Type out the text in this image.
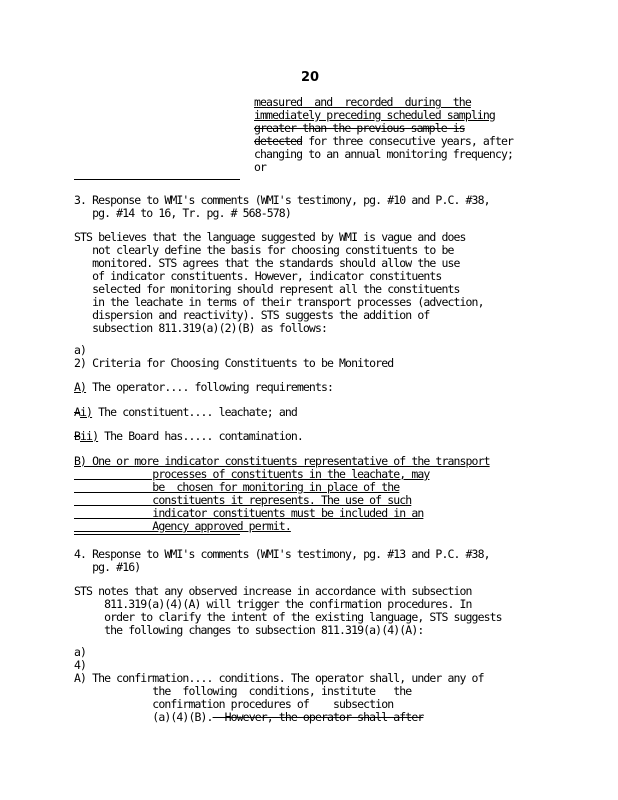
20
measured  and  recorded  during  the
immediately preceding scheduled sampling
greater than the previous sample is
detected for three consecutive years, after
changing to an annual monitoring frequency;
or
3. Response to WMI's comments (WMI's testimony, pg. #10 and P.C. #38,
pg. #14 to 16, Tr. pg. # 568-578)
STS believes that the language suggested by WMI is vague and does
not clearly define the basis for choosing constituents to be
monitored. STS agrees that the standards should allow the use
of indicator constituents. However, indicator constituents
selected for monitoring should represent all the constituents
in the leachate in terms of their transport processes (advection,
dispersion and reactivity). STS suggests the addition of
subsection 811.319(a)(2)(B) as follows:
a)
2) Criteria for Choosing Constituents to be Monitored
A) The operator.... following requirements:
Ai) The constituent.... leachate; and
Bii) The Board has..... contamination.
B) One or more indicator constituents representative of the transport
processes of constituents in the leachate, may
be  chosen for monitoring in place of the
constituents it represents. The use of such
indicator constituents must be included in an
Agency approved permit.
4. Response to WMI's comments (WMI's testimony, pg. #13 and P.C. #38,
pg. #16)
STS notes that any observed increase in accordance with subsection
811.319(a)(4)(A) will trigger the confirmation procedures. In
order to clarify the intent of the existing language, STS suggests
the following changes to subsection 811.319(a)(4)(A):
a)
4)
A) The confirmation.... conditions. The operator shall, under any of
the  following  conditions, institute   the
confirmation procedures of    subsection
(a)(4)(B).  However, the operator shall after
